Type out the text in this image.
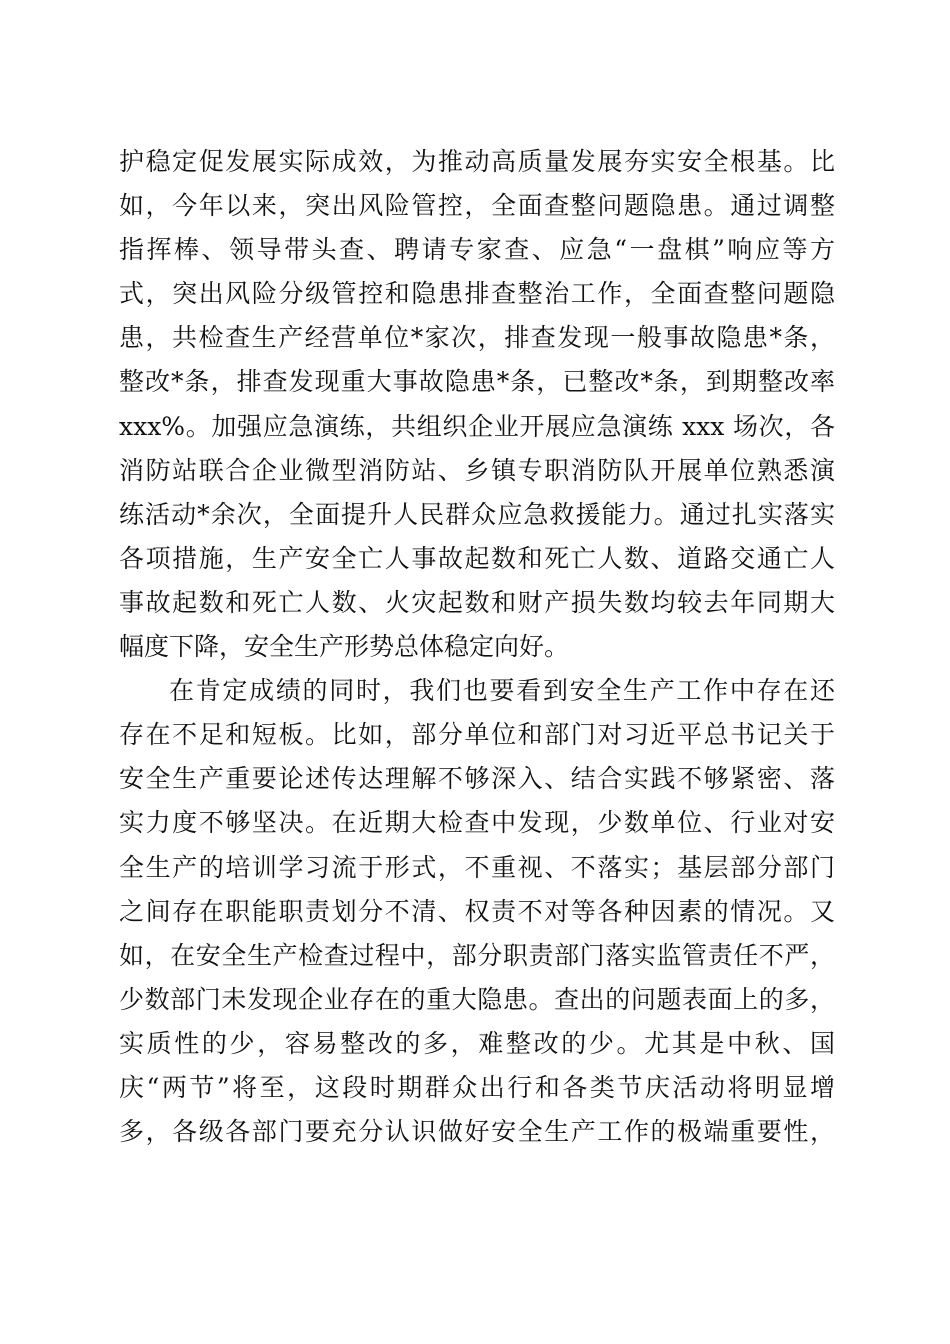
护稳定促发展实际成效，为推动高质量发展夯实安全根基。比
如，今年以来，突出风险管控，全面查整问题隐患。通过调整
指挥棒、领导带头查、聘请专家查、应急“一盘棋”响应等方
式，突出风险分级管控和隐患排查整治工作，全面查整问题隐
患，共检查生产经营单位*家次，排查发现一般事故隐患*条，
整改*条，排查发现重大事故隐患*条，已整改*条，到期整改率
xxx%。加强应急演练，共组织企业开展应急演练 xxx 场次，各
消防站联合企业微型消防站、乡镇专职消防队开展单位熟悉演
练活动*余次，全面提升人民群众应急救援能力。通过扎实落实
各项措施，生产安全亡人事故起数和死亡人数、道路交通亡人
事故起数和死亡人数、火灾起数和财产损失数均较去年同期大
幅度下降，安全生产形势总体稳定向好。
在肯定成绩的同时，我们也要看到安全生产工作中存在还
存在不足和短板。比如，部分单位和部门对习近平总书记关于
安全生产重要论述传达理解不够深入、结合实践不够紧密、落
实力度不够坚决。在近期大检查中发现，少数单位、行业对安
全生产的培训学习流于形式，不重视、不落实；基层部分部门
之间存在职能职责划分不清、权责不对等各种因素的情况。又
如，在安全生产检查过程中，部分职责部门落实监管责任不严，
少数部门未发现企业存在的重大隐患。查出的问题表面上的多，
实质性的少，容易整改的多，难整改的少。尤其是中秋、国
庆“两节”将至，这段时期群众出行和各类节庆活动将明显增
多，各级各部门要充分认识做好安全生产工作的极端重要性，
